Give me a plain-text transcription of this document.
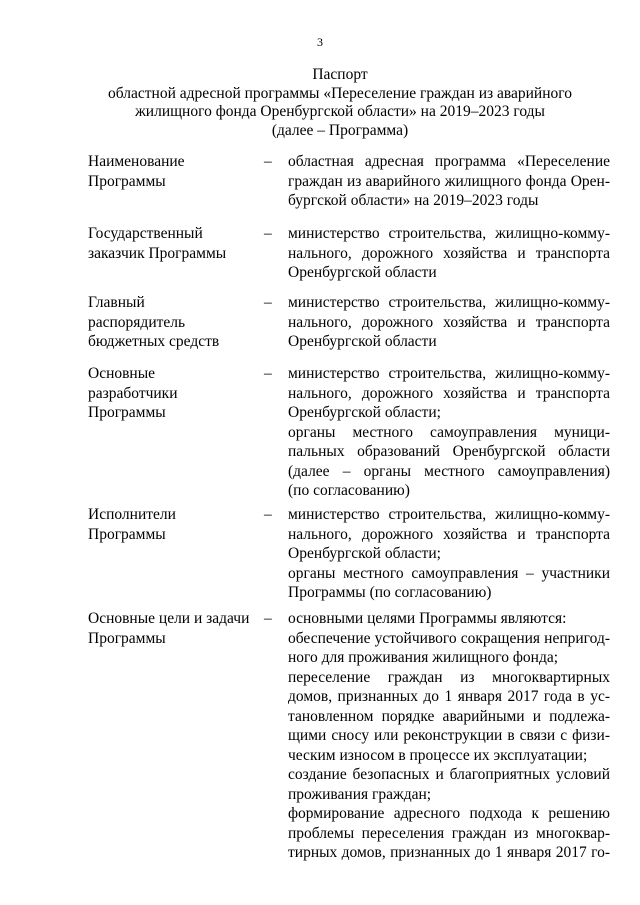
3
Паспорт
областной адресной программы «Переселение граждан из аварийного
жилищного фонда Оренбургской области» на 2019–2023 годы
(далее – Программа)
Наименование
Программы
– областная адресная программа «Переселение
граждан из аварийного жилищного фонда Орен-
бургской области» на 2019–2023 годы
Государственный
заказчик Программы
– министерство строительства, жилищно-комму-
нального, дорожного хозяйства и транспорта
Оренбургской области
Главный
распорядитель
бюджетных средств
– министерство строительства, жилищно-комму-
нального, дорожного хозяйства и транспорта
Оренбургской области
Основные
разработчики
Программы
– министерство строительства, жилищно-комму-
нального, дорожного хозяйства и транспорта
Оренбургской области;
органы местного самоуправления муници-
пальных образований Оренбургской области
(далее – органы местного самоуправления)
(по согласованию)
Исполнители
Программы
– министерство строительства, жилищно-комму-
нального, дорожного хозяйства и транспорта
Оренбургской области;
органы местного самоуправления – участники
Программы (по согласованию)
Основные цели и задачи
Программы
– основными целями Программы являются:
обеспечение устойчивого сокращения непригод-
ного для проживания жилищного фонда;
переселение граждан из многоквартирных
домов, признанных до 1 января 2017 года в ус-
тановленном порядке аварийными и подлежа-
щими сносу или реконструкции в связи с физи-
ческим износом в процессе их эксплуатации;
создание безопасных и благоприятных условий
проживания граждан;
формирование адресного подхода к решению
проблемы переселения граждан из многоквар-
тирных домов, признанных до 1 января 2017 го-
